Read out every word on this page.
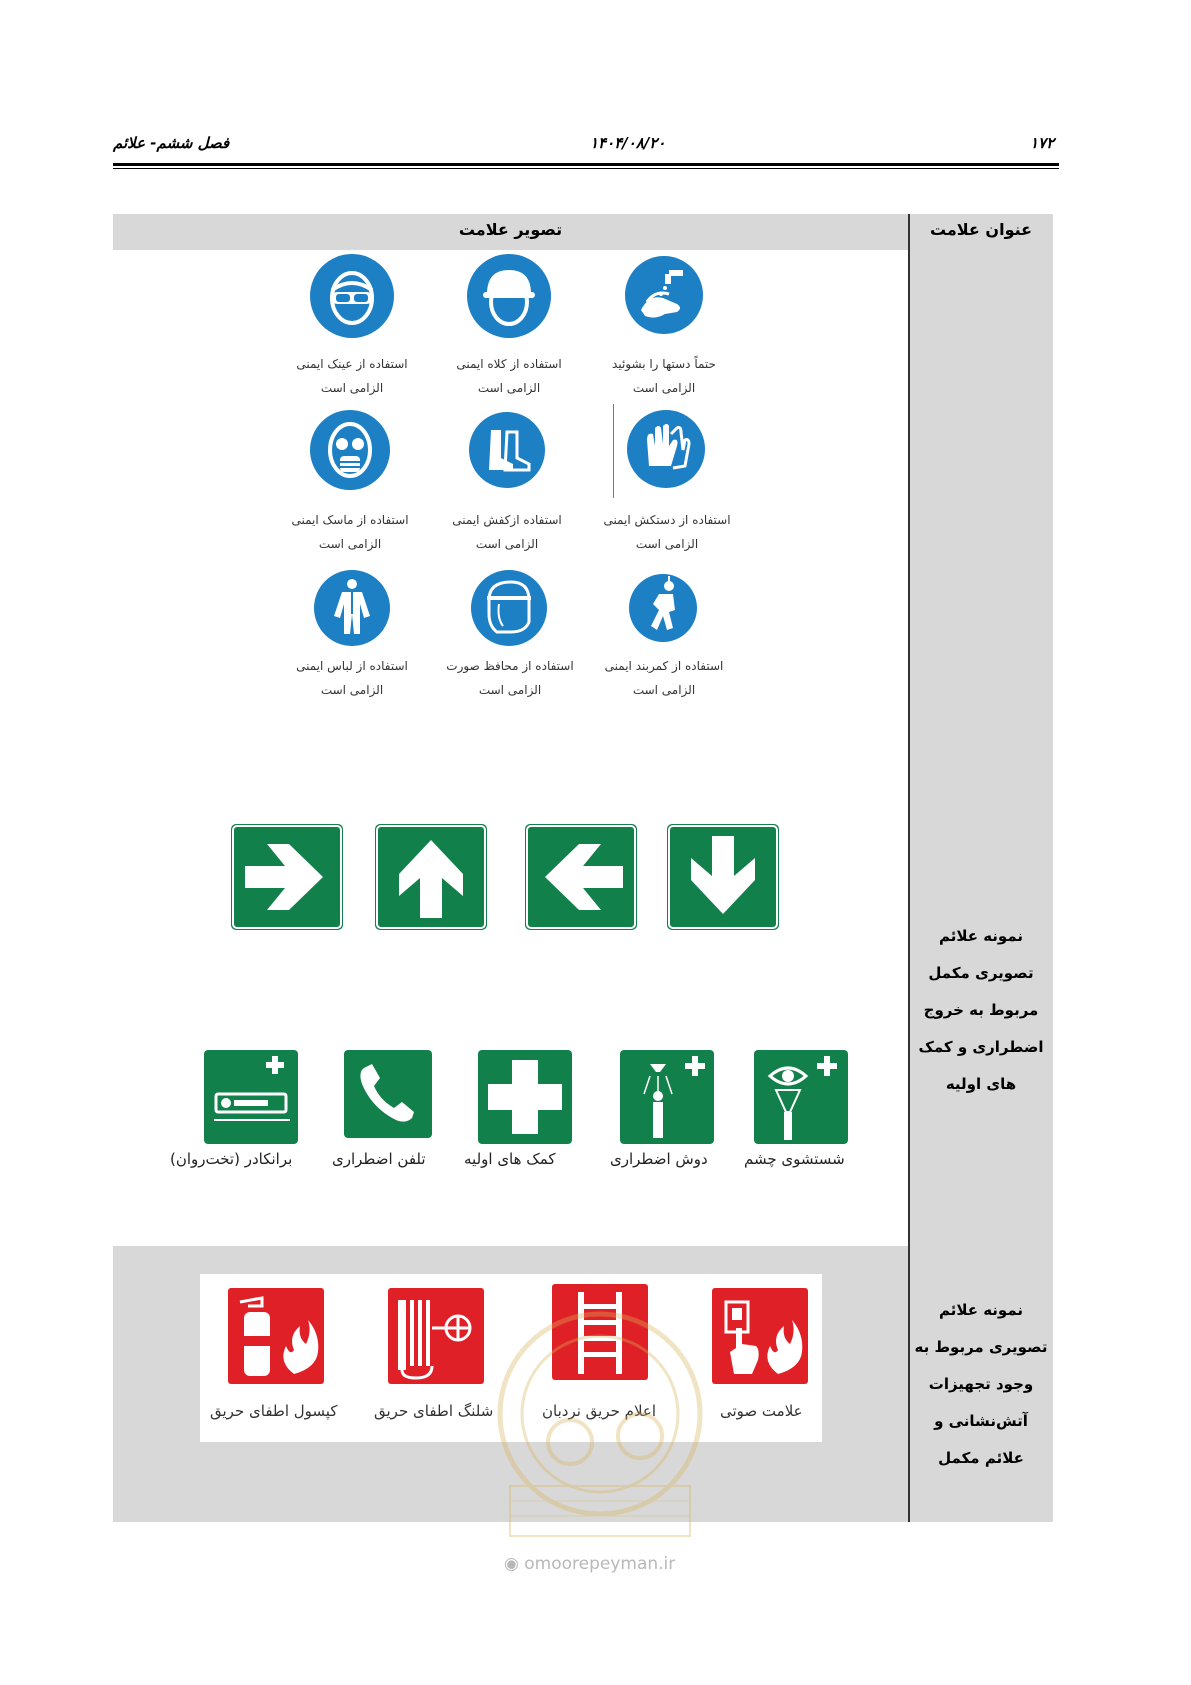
۱۷۲
۱۴۰۴/۰۸/۲۰
فصل ششم- علائم
تصویر علامت	عنوان علامت
نمونه علائم
تصویری مکمل
مربوط به خروج
اضطراری و کمک
های اولیه
نمونه علائم
تصویری مربوط به
وجود تجهیزات
آتش‌نشانی و
علائم مکمل
استفاده از عینک ایمنی
الزامی است
استفاده از کلاه ایمنی
الزامی است
حتماً دستها را بشوئید
الزامی است
استفاده از ماسک ایمنی
الزامی است
استفاده ازکفش ایمنی
الزامی است
استفاده از دستکش ایمنی
الزامی است
استفاده از لباس ایمنی
الزامی است
استفاده از محافظ صورت
الزامی است
استفاده از کمربند ایمنی
الزامی است
برانکادر (تخت‌روان)	تلفن اضطراری	کمک های اولیه	دوش اضطراری شستشوی چشم
کپسول اطفای حریق شلنگ اطفای حریق	اعلام حریق نردبان	علامت صوتی
◉ omoorepeyman.ir
